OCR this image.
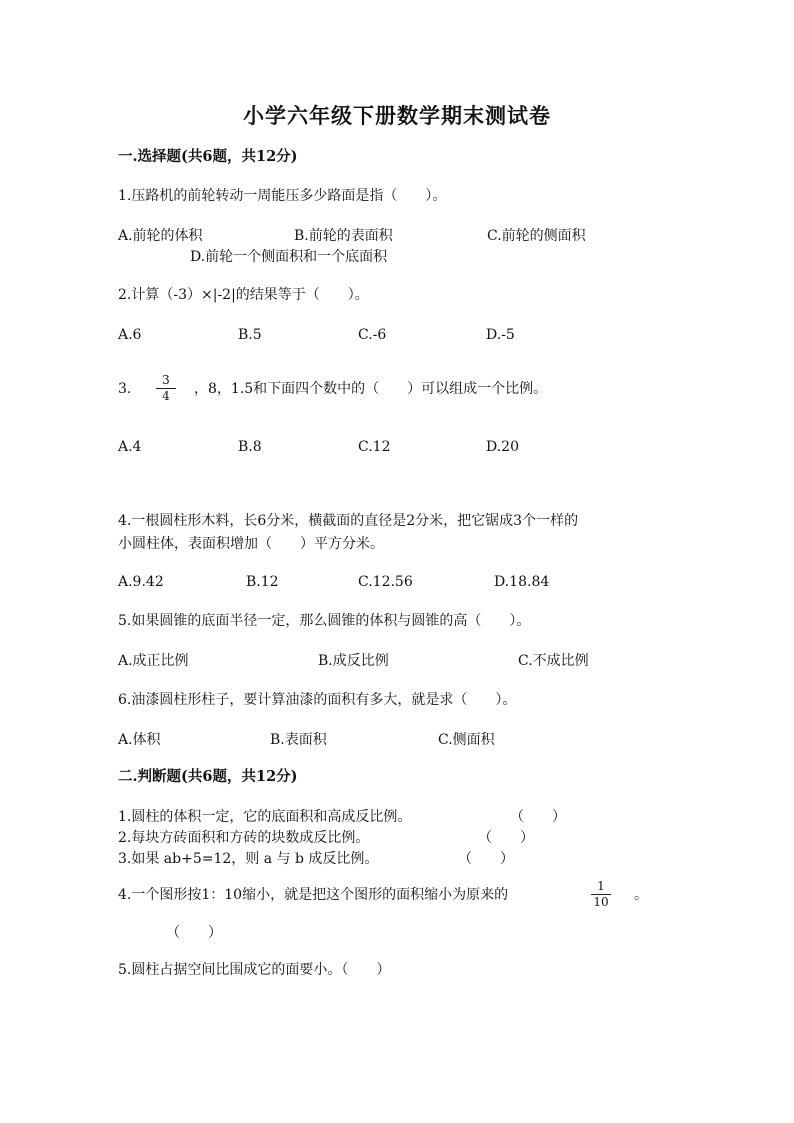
小学六年级下册数学期末测试卷
一.选择题(共6题，共12分)
1.压路机的前轮转动一周能压多少路面是指（　　）。
A.前轮的体积	B.前轮的表面积	C.前轮的侧面积
D.前轮一个侧面积和一个底面积
2.计算（-3）×|-2|的结果等于（　　）。
A.6	B.5	C.-6	D.-5
3.
3
4	，8，1.5和下面四个数中的（　　）可以组成一个比例。
A.4	B.8	C.12	D.20
4.一根圆柱形木料，长6分米，横截面的直径是2分米，把它锯成3个一样的
小圆柱体，表面积增加（　　）平方分米。
A.9.42	B.12	C.12.56	D.18.84
5.如果圆锥的底面半径一定，那么圆锥的体积与圆锥的高（　　）。
A.成正比例	B.成反比例	C.不成比例
6.油漆圆柱形柱子，要计算油漆的面积有多大，就是求（　　）。
A.体积	B.表面积	C.侧面积
二.判断题(共6题，共12分)
1.圆柱的体积一定，它的底面积和高成反比例。	（　　）
2.每块方砖面积和方砖的块数成反比例。	（　　）
3.如果 ab+5=12，则 a 与 b 成反比例。	（　　）
4.一个图形按1：10缩小，就是把这个图形的面积缩小为原来的
1
10 。
（　　）
5.圆柱占据空间比围成它的面要小。（　　）
